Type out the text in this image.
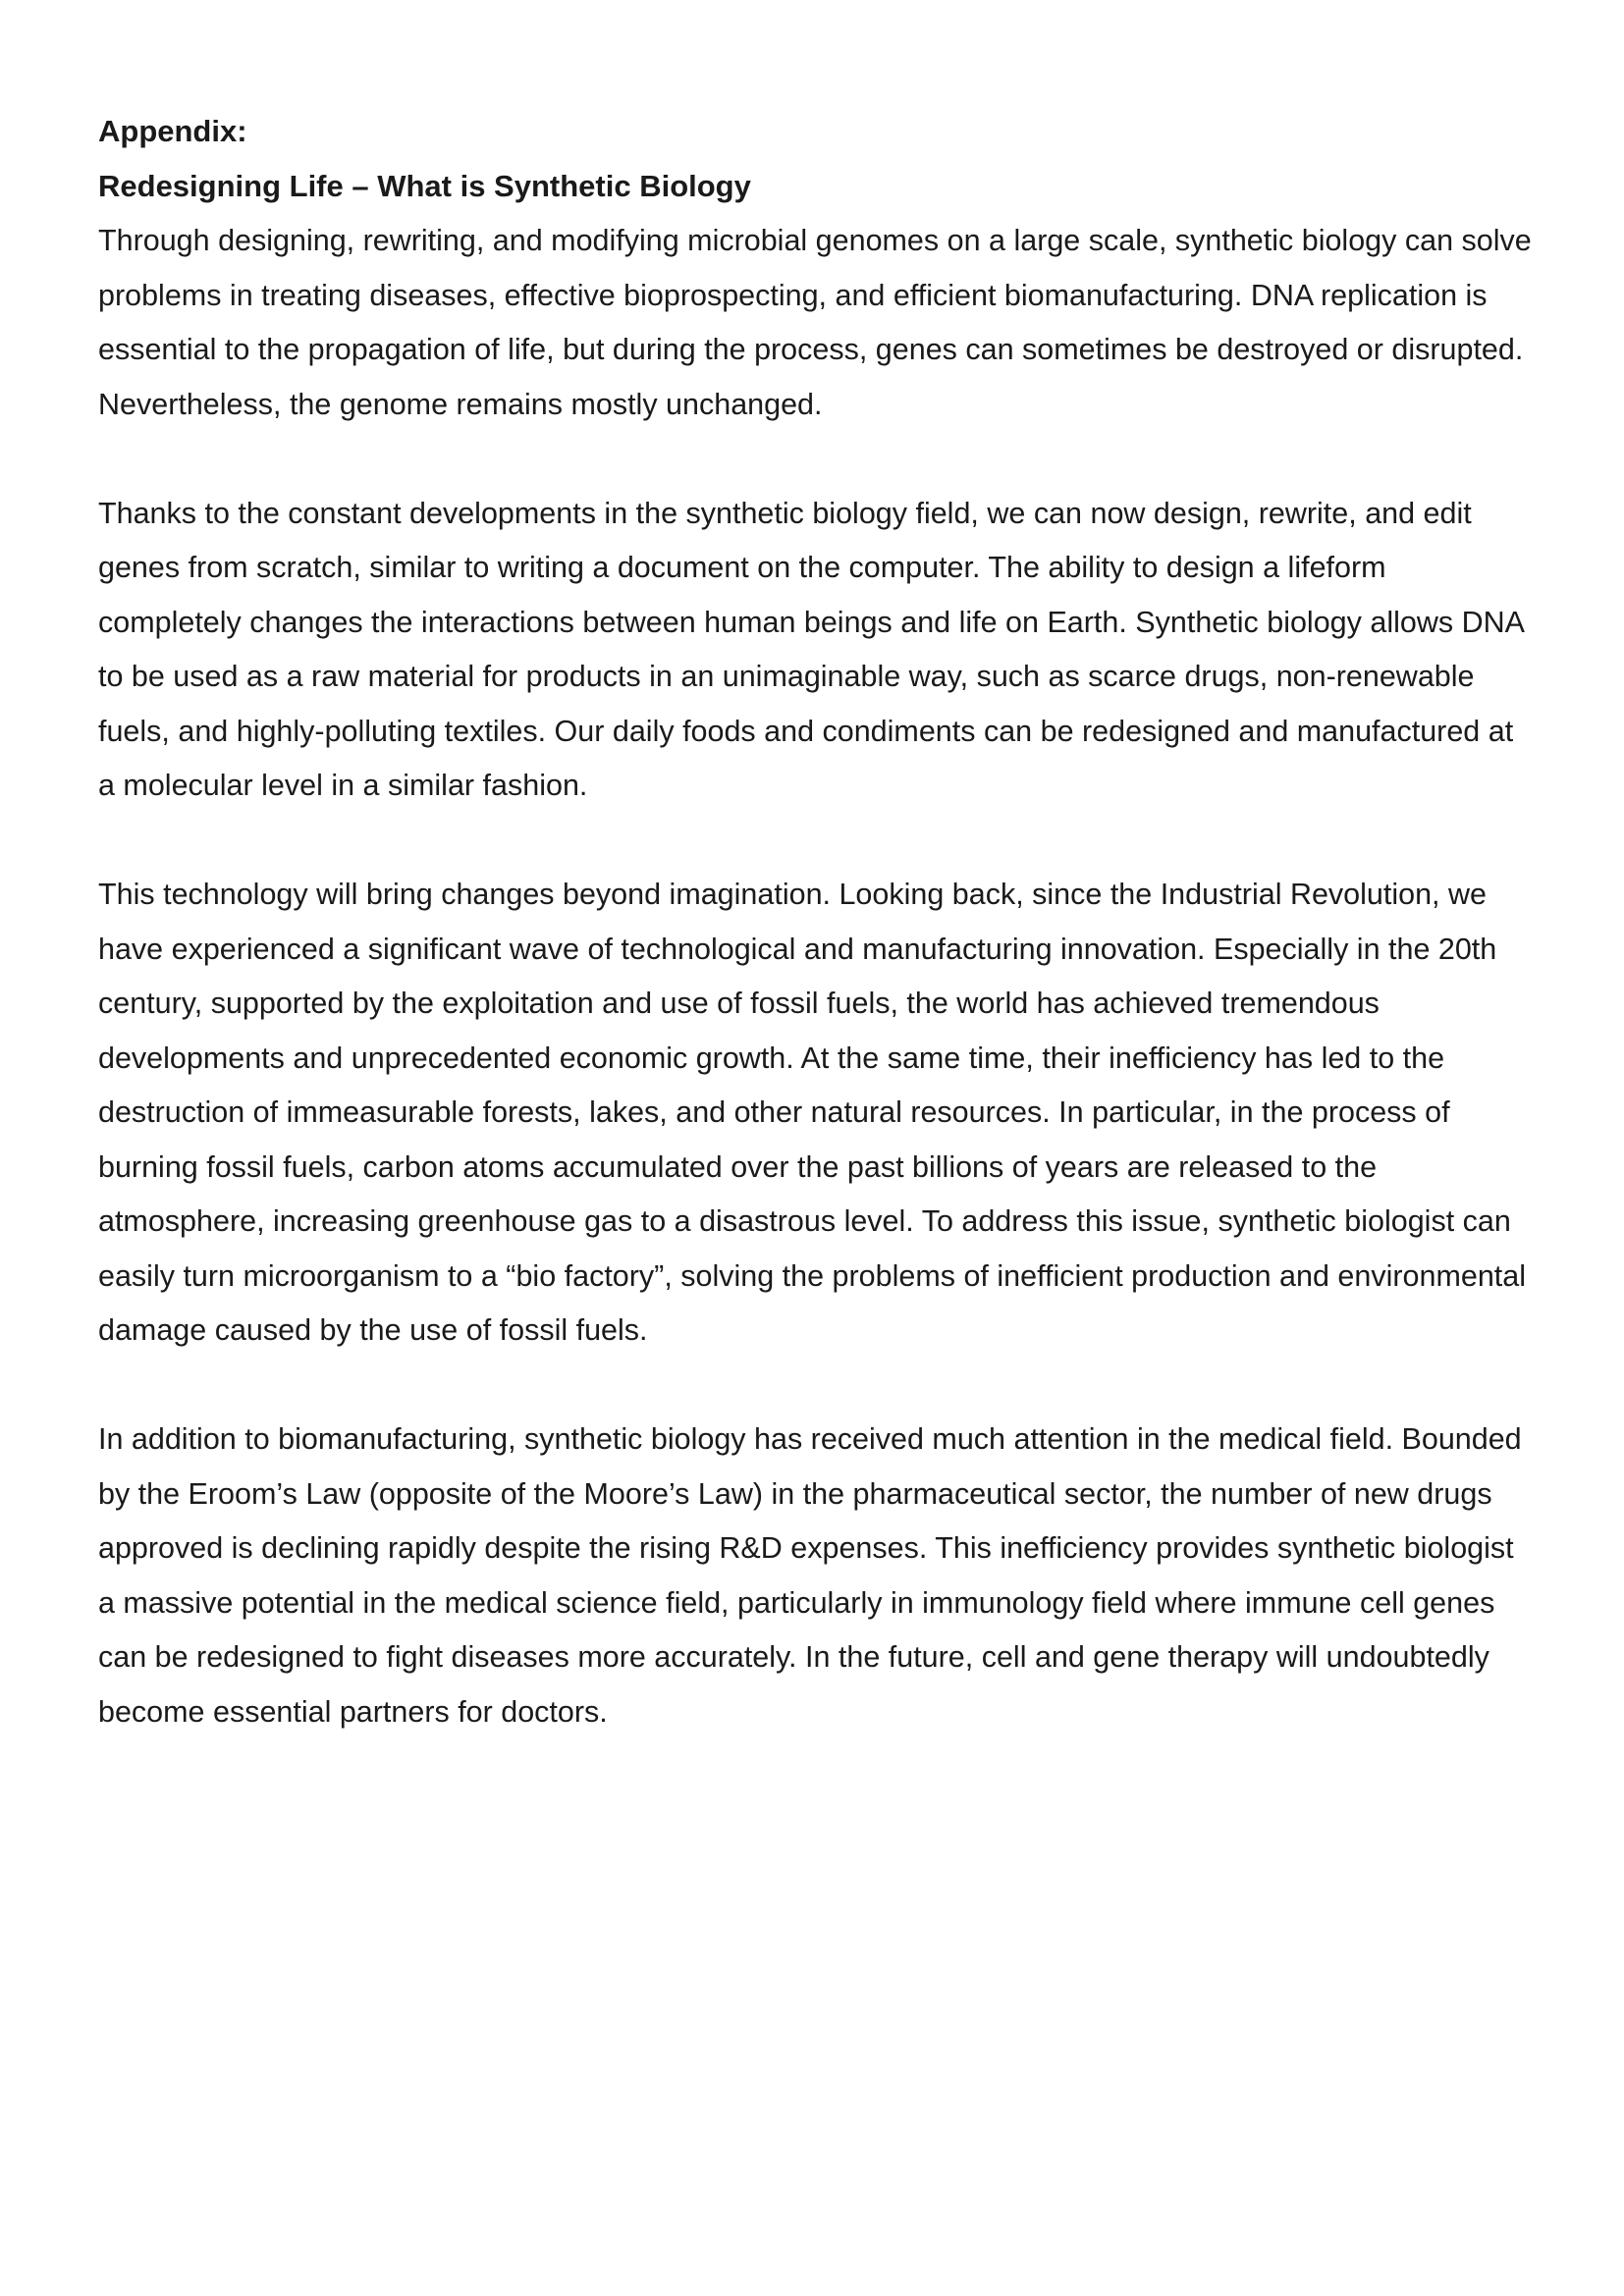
Appendix:

Redesigning Life – What is Synthetic Biology

Through designing, rewriting, and modifying microbial genomes on a large scale, synthetic biology can solve problems in treating diseases, effective bioprospecting, and efficient biomanufacturing. DNA replication is essential to the propagation of life, but during the process, genes can sometimes be destroyed or disrupted. Nevertheless, the genome remains mostly unchanged.

Thanks to the constant developments in the synthetic biology field, we can now design, rewrite, and edit genes from scratch, similar to writing a document on the computer. The ability to design a lifeform completely changes the interactions between human beings and life on Earth. Synthetic biology allows DNA to be used as a raw material for products in an unimaginable way, such as scarce drugs, non-renewable fuels, and highly-polluting textiles. Our daily foods and condiments can be redesigned and manufactured at a molecular level in a similar fashion.

This technology will bring changes beyond imagination. Looking back, since the Industrial Revolution, we have experienced a significant wave of technological and manufacturing innovation. Especially in the 20th century, supported by the exploitation and use of fossil fuels, the world has achieved tremendous developments and unprecedented economic growth. At the same time, their inefficiency has led to the destruction of immeasurable forests, lakes, and other natural resources. In particular, in the process of burning fossil fuels, carbon atoms accumulated over the past billions of years are released to the atmosphere, increasing greenhouse gas to a disastrous level. To address this issue, synthetic biologist can easily turn microorganism to a “bio factory”, solving the problems of inefficient production and environmental damage caused by the use of fossil fuels.

In addition to biomanufacturing, synthetic biology has received much attention in the medical field. Bounded by the Eroom’s Law (opposite of the Moore’s Law) in the pharmaceutical sector, the number of new drugs approved is declining rapidly despite the rising R&D expenses. This inefficiency provides synthetic biologist a massive potential in the medical science field, particularly in immunology field where immune cell genes can be redesigned to fight diseases more accurately. In the future, cell and gene therapy will undoubtedly become essential partners for doctors.
